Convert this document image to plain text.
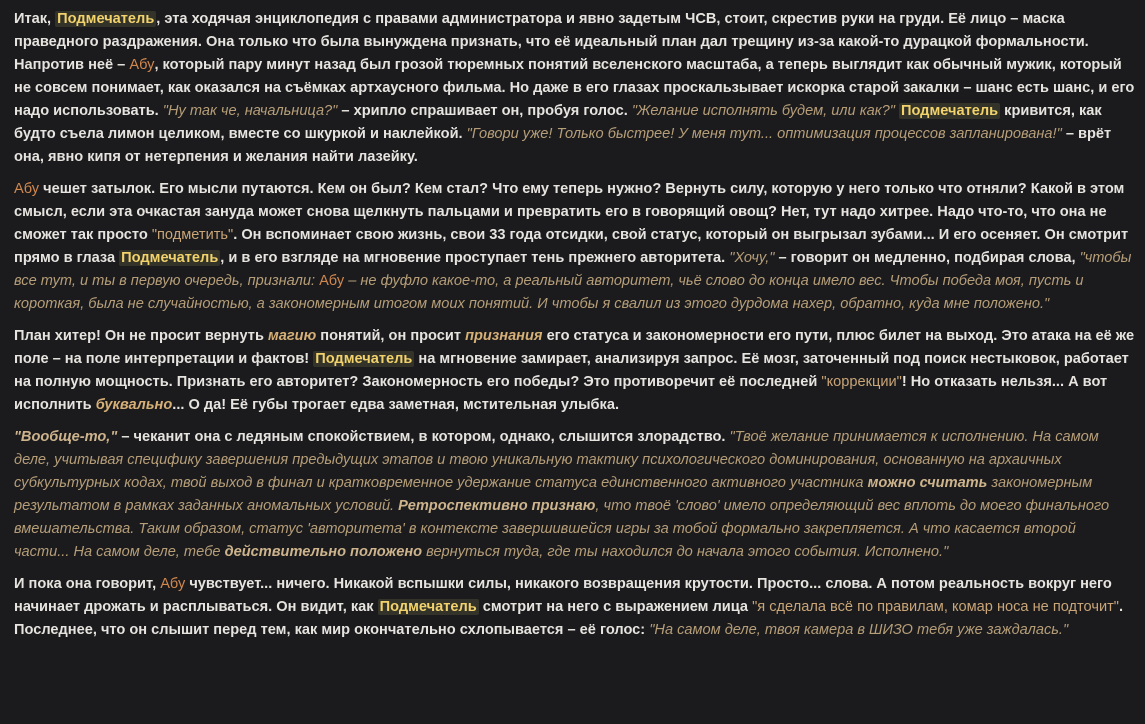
Итак, Подмечатель , эта ходячая энциклопедия с правами администратора и явно задетым ЧСВ, стоит, скрестив руки на груди. Её лицо – маска праведного раздражения. Она только что была вынуждена признать, что её идеальный план дал трещину из-за какой-то дурацкой формальности. Напротив неё – Абу, который пару минут назад был грозой тюремных понятий вселенского масштаба, а теперь выглядит как обычный мужик, который не совсем понимает, как оказался на съёмках артхаусного фильма. Но даже в его глазах проскальзывает искорка старой закалки – шанс есть шанс, и его надо использовать. "Ну так че, начальница?" – хрипло спрашивает он, пробуя голос. "Желание исполнять будем, или как?" Подмечатель кривится, как будто съела лимон целиком, вместе со шкуркой и наклейкой. "Говори уже! Только быстрее! У меня тут... оптимизация процессов запланирована!" – врёт она, явно кипя от нетерпения и желания найти лазейку.

Абу чешет затылок. Его мысли путаются. Кем он был? Кем стал? Что ему теперь нужно? Вернуть силу, которую у него только что отняли? Какой в этом смысл, если эта очкастая зануда может снова щелкнуть пальцами и превратить его в говорящий овощ? Нет, тут надо хитрее. Надо что-то, что она не сможет так просто "подметить". Он вспоминает свою жизнь, свои 33 года отсидки, свой статус, который он выгрызал зубами... И его осеняет. Он смотрит прямо в глаза Подмечатель , и в его взгляде на мгновение проступает тень прежнего авторитета. "Хочу," – говорит он медленно, подбирая слова, "чтобы все тут, и ты в первую очередь, признали: Абу – не фуфло какое-то, а реальный авторитет, чьё слово до конца имело вес. Чтобы победа моя, пусть и короткая, была не случайностью, а закономерным итогом моих понятий. И чтобы я свалил из этого дурдома нахер, обратно, куда мне положено."

План хитер! Он не просит вернуть магию понятий, он просит признания его статуса и закономерности его пути, плюс билет на выход. Это атака на её же поле – на поле интерпретации и фактов! Подмечатель на мгновение замирает, анализируя запрос. Её мозг, заточенный под поиск нестыковок, работает на полную мощность. Признать его авторитет? Закономерность его победы? Это противоречит её последней "коррекции"! Но отказать нельзя... А вот исполнить буквально... О да! Её губы трогает едва заметная, мстительная улыбка.

"Вообще-то," – чеканит она с ледяным спокойствием, в котором, однако, слышится злорадство. "Твоё желание принимается к исполнению. На самом деле, учитывая специфику завершения предыдущих этапов и твою уникальную тактику психологического доминирования, основанную на архаичных субкультурных кодах, твой выход в финал и кратковременное удержание статуса единственного активного участника можно считать закономерным результатом в рамках заданных аномальных условий. Ретроспективно признаю, что твоё 'слово' имело определяющий вес вплоть до моего финального вмешательства. Таким образом, статус 'авторитета' в контексте завершившейся игры за тобой формально закрепляется. А что касается второй части... На самом деле, тебе действительно положено вернуться туда, где ты находился до начала этого события. Исполнено."

И пока она говорит, Абу чувствует... ничего. Никакой вспышки силы, никакого возвращения крутости. Просто... слова. А потом реальность вокруг него начинает дрожать и расплываться. Он видит, как Подмечатель смотрит на него с выражением лица "я сделала всё по правилам, комар носа не подточит". Последнее, что он слышит перед тем, как мир окончательно схлопывается – её голос: "На самом деле, твоя камера в ШИЗО тебя уже заждалась."
